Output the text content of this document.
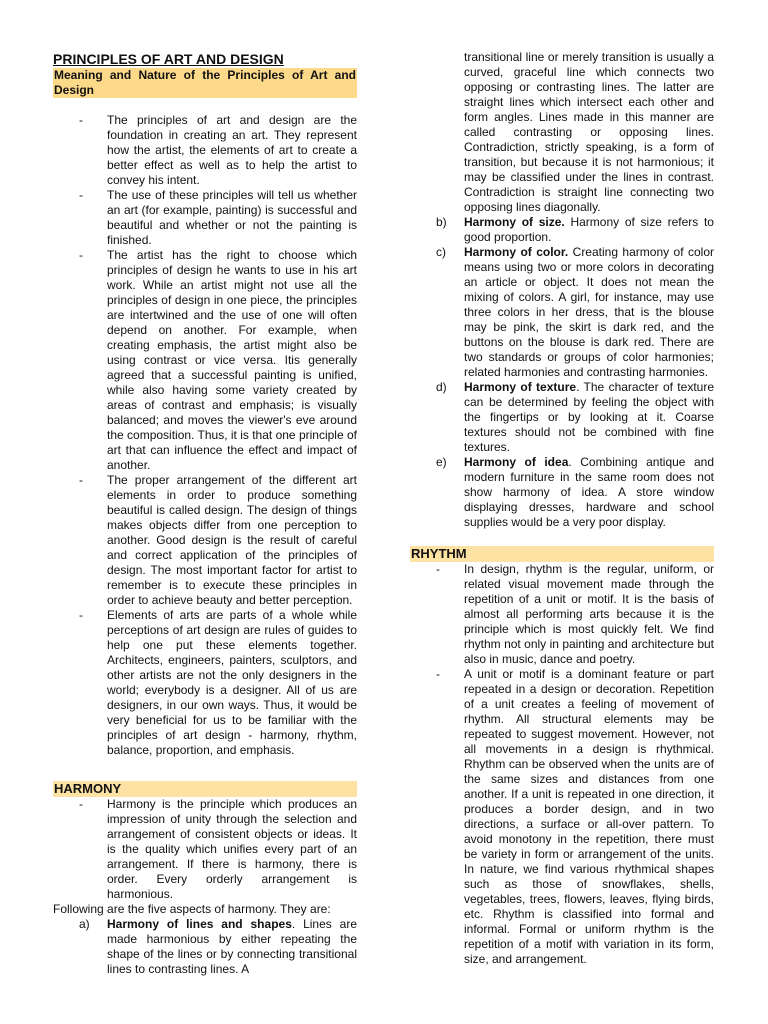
PRINCIPLES OF ART AND DESIGN

Meaning and Nature of the Principles of Art and Design

- The principles of art and design are the foundation in creating an art. They represent how the artist, the elements of art to create a better effect as well as to help the artist to convey his intent.
- The use of these principles will tell us whether an art (for example, painting) is successful and beautiful and whether or not the painting is finished.
- The artist has the right to choose which principles of design he wants to use in his art work. While an artist might not use all the principles of design in one piece, the principles are intertwined and the use of one will often depend on another. For example, when creating emphasis, the artist might also be using contrast or vice versa. Itis generally agreed that a successful painting is unified, while also having some variety created by areas of contrast and emphasis; is visually balanced; and moves the viewer's eve around the composition. Thus, it is that one principle of art that can influence the effect and impact of another.
- The proper arrangement of the different art elements in order to produce something beautiful is called design. The design of things makes objects differ from one perception to another. Good design is the result of careful and correct application of the principles of design. The most important factor for artist to remember is to execute these principles in order to achieve beauty and better perception.
- Elements of arts are parts of a whole while perceptions of art design are rules of guides to help one put these elements together. Architects, engineers, painters, sculptors, and other artists are not the only designers in the world; everybody is a designer. All of us are designers, in our own ways. Thus, it would be very beneficial for us to be familiar with the principles of art design - harmony, rhythm, balance, proportion, and emphasis.

HARMONY

- Harmony is the principle which produces an impression of unity through the selection and arrangement of consistent objects or ideas. It is the quality which unifies every part of an arrangement. If there is harmony, there is order. Every orderly arrangement is harmonious.

Following are the five aspects of harmony. They are:

a) Harmony of lines and shapes. Lines are made harmonious by either repeating the shape of the lines or by connecting transitional lines to contrasting lines. A

transitional line or merely transition is usually a curved, graceful line which connects two opposing or contrasting lines. The latter are straight lines which intersect each other and form angles. Lines made in this manner are called contrasting or opposing lines. Contradiction, strictly speaking, is a form of transition, but because it is not harmonious; it may be classified under the lines in contrast. Contradiction is straight line connecting two opposing lines diagonally.

b) Harmony of size. Harmony of size refers to good proportion.
c) Harmony of color. Creating harmony of color means using two or more colors in decorating an article or object. It does not mean the mixing of colors. A girl, for instance, may use three colors in her dress, that is the blouse may be pink, the skirt is dark red, and the buttons on the blouse is dark red. There are two standards or groups of color harmonies; related harmonies and contrasting harmonies.
d) Harmony of texture. The character of texture can be determined by feeling the object with the fingertips or by looking at it. Coarse textures should not be combined with fine textures.
e) Harmony of idea. Combining antique and modern furniture in the same room does not show harmony of idea. A store window displaying dresses, hardware and school supplies would be a very poor display.

RHYTHM

- In design, rhythm is the regular, uniform, or related visual movement made through the repetition of a unit or motif. It is the basis of almost all performing arts because it is the principle which is most quickly felt. We find rhythm not only in painting and architecture but also in music, dance and poetry.
- A unit or motif is a dominant feature or part repeated in a design or decoration. Repetition of a unit creates a feeling of movement of rhythm. All structural elements may be repeated to suggest movement. However, not all movements in a design is rhythmical. Rhythm can be observed when the units are of the same sizes and distances from one another. If a unit is repeated in one direction, it produces a border design, and in two directions, a surface or all-over pattern. To avoid monotony in the repetition, there must be variety in form or arrangement of the units. In nature, we find various rhythmical shapes such as those of snowflakes, shells, vegetables, trees, flowers, leaves, flying birds, etc. Rhythm is classified into formal and informal. Formal or uniform rhythm is the repetition of a motif with variation in its form, size, and arrangement.
